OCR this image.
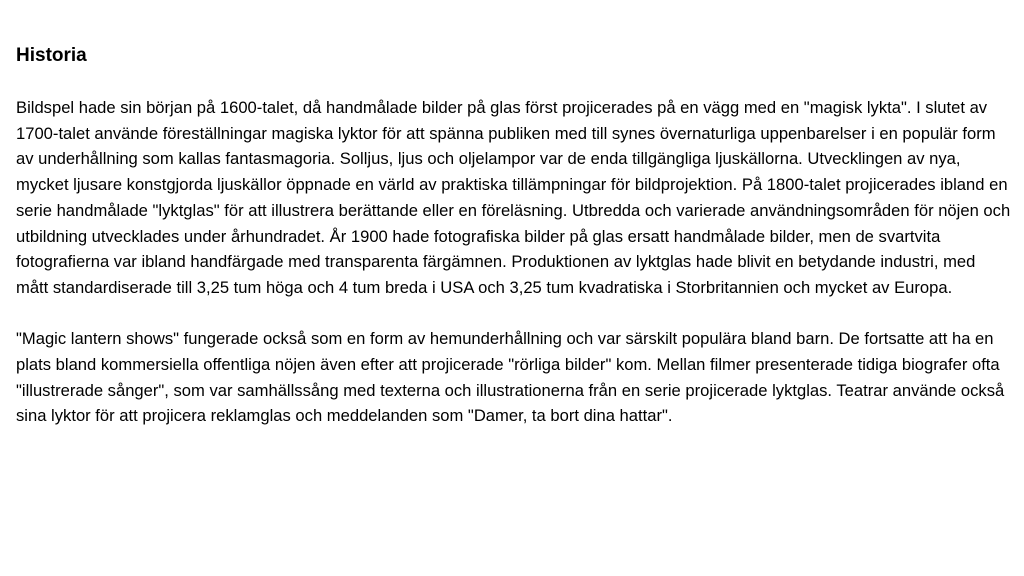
Historia

Bildspel hade sin början på 1600-talet, då handmålade bilder på glas först projicerades på en vägg med en "magisk lykta". I slutet av 1700-talet använde föreställningar magiska lyktor för att spänna publiken med till synes övernaturliga uppenbarelser i en populär form av underhållning som kallas fantasmagoria. Solljus, ljus och oljelampor var de enda tillgängliga ljuskällorna. Utvecklingen av nya, mycket ljusare konstgjorda ljuskällor öppnade en värld av praktiska tillämpningar för bildprojektion. På 1800-talet projicerades ibland en serie handmålade "lyktglas" för att illustrera berättande eller en föreläsning. Utbredda och varierade användningsområden för nöjen och utbildning utvecklades under århundradet. År 1900 hade fotografiska bilder på glas ersatt handmålade bilder, men de svartvita fotografierna var ibland handfärgade med transparenta färgämnen. Produktionen av lyktglas hade blivit en betydande industri, med mått standardiserade till 3,25 tum höga och 4 tum breda i USA och 3,25 tum kvadratiska i Storbritannien och mycket av Europa.

"Magic lantern shows" fungerade också som en form av hemunderhållning och var särskilt populära bland barn. De fortsatte att ha en plats bland kommersiella offentliga nöjen även efter att projicerade "rörliga bilder" kom. Mellan filmer presenterade tidiga biografer ofta "illustrerade sånger", som var samhällssång med texterna och illustrationerna från en serie projicerade lyktglas. Teatrar använde också sina lyktor för att projicera reklamglas och meddelanden som "Damer, ta bort dina hattar".
